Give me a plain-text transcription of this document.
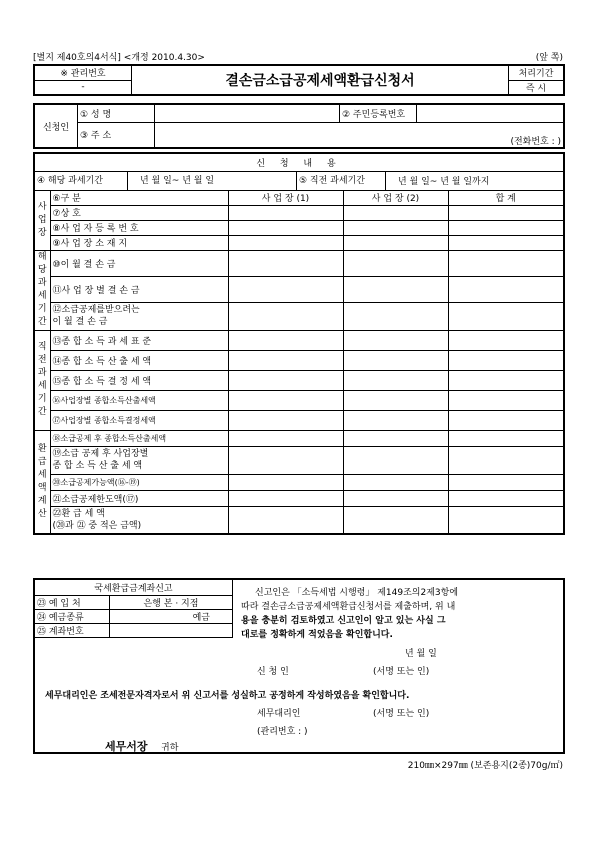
[별지 제40호의4서식] <개정 2010.4.30>	(앞 쪽)
※ 관리번호	결손금소급공제세액환급신청서	처리기간
-		즉 시
신청인	① 성 명		② 주민등록번호	
	③ 주 소	(전화번호 : )		

신 청 내 용				

④ 해당 과세기간 년 월 일~ 년 월 일 ⑤ 직전 과세기간 년 월 일~ 년 월 일까지				

사업장	⑥구 분	사 업 장 (1)	사 업 장 (2)	합 계
	⑦상 호			
	⑧사 업 자 등 록 번 호			
	⑨사 업 장 소 재 지			
해당과세기간	⑩이 월 결 손 금			
	⑪사 업 장 별 결 손 금			

	⑫소급공제를받으려는
이 월 결 손 금			

직전과세기간	⑬종 합 소 득 과 세 표 준			
	⑭종 합 소 득 산 출 세 액			
	⑮종 합 소 득 결 정 세 액			
	⑯사업장별 종합소득산출세액			
	⑰사업장별 종합소득결정세액			
환급세액계산	⑱소급공제 후 종합소득산출세액			

	⑲소급 공제 후 사업장별
종 합 소 득 산 출 세 액			

	⑳소급공제가능액(⑯-⑲)			
	㉑소급공제한도액(⑰)			

	㉒환 급 세 액
(⑳과 ㉑ 중 적은 금액)			

국세환급금계좌신고	
㉓ 예 입 처	은행 본 · 지점
㉔ 예금종류	예금
㉕ 계좌번호	
신고인은 「소득세법 시행령」 제149조의2제3항에
따라 결손금소급공제세액환급신청서를 제출하며, 위 내
용을 충분히 검토하였고 신고인이 알고 있는 사실 그
대로를 정확하게 적었음을 확인합니다.
년 월 일
신 청 인	(서명 또는 인)
세무대리인은 조세전문자격자로서 위 신고서를 성실하고 공정하게 작성하였음을 확인합니다.
세무대리인	(서명 또는 인)
(관리번호 : )
세무서장 귀하
210㎜×297㎜ (보존용지(2종)70g/㎡)
